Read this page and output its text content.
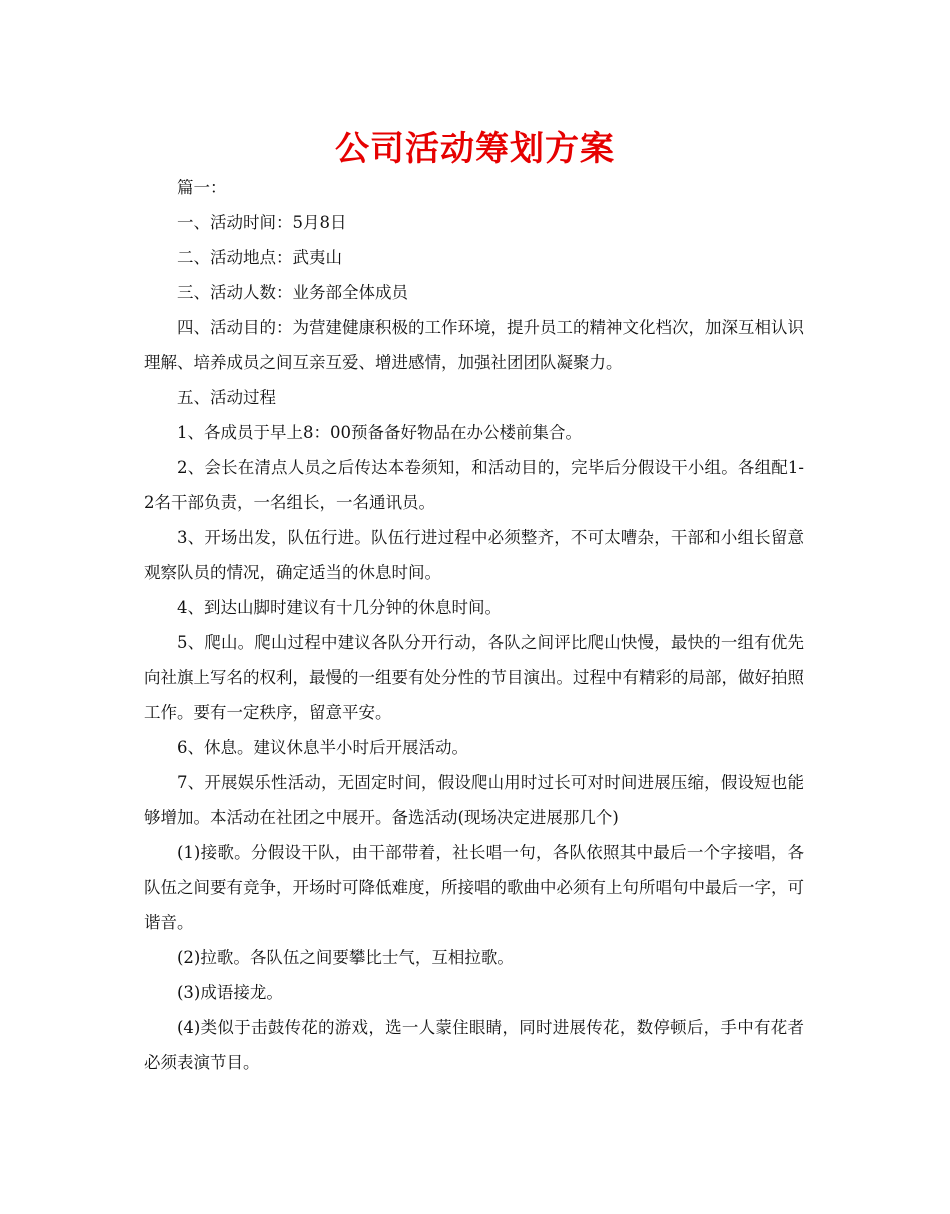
公司活动筹划方案

篇一：

一、活动时间：5月8日

二、活动地点：武夷山

三、活动人数：业务部全体成员

四、活动目的：为营建健康积极的工作环境，提升员工的精神文化档次，加深互相认识理解、培养成员之间互亲互爱、增进感情，加强社团团队凝聚力。

五、活动过程

1、各成员于早上8：00预备备好物品在办公楼前集合。

2、会长在清点人员之后传达本卷须知，和活动目的，完毕后分假设干小组。各组配1-2名干部负责，一名组长，一名通讯员。

3、开场出发，队伍行进。队伍行进过程中必须整齐，不可太嘈杂，干部和小组长留意观察队员的情况，确定适当的休息时间。

4、到达山脚时建议有十几分钟的休息时间。

5、爬山。爬山过程中建议各队分开行动，各队之间评比爬山快慢，最快的一组有优先向社旗上写名的权利，最慢的一组要有处分性的节目演出。过程中有精彩的局部，做好拍照工作。要有一定秩序，留意平安。

6、休息。建议休息半小时后开展活动。

7、开展娱乐性活动，无固定时间，假设爬山用时过长可对时间进展压缩，假设短也能够增加。本活动在社团之中展开。备选活动(现场决定进展那几个)

(1)接歌。分假设干队，由干部带着，社长唱一句，各队依照其中最后一个字接唱，各队伍之间要有竞争，开场时可降低难度，所接唱的歌曲中必须有上句所唱句中最后一字，可谐音。

(2)拉歌。各队伍之间要攀比士气，互相拉歌。

(3)成语接龙。

(4)类似于击鼓传花的游戏，选一人蒙住眼睛，同时进展传花，数停顿后，手中有花者必须表演节目。
